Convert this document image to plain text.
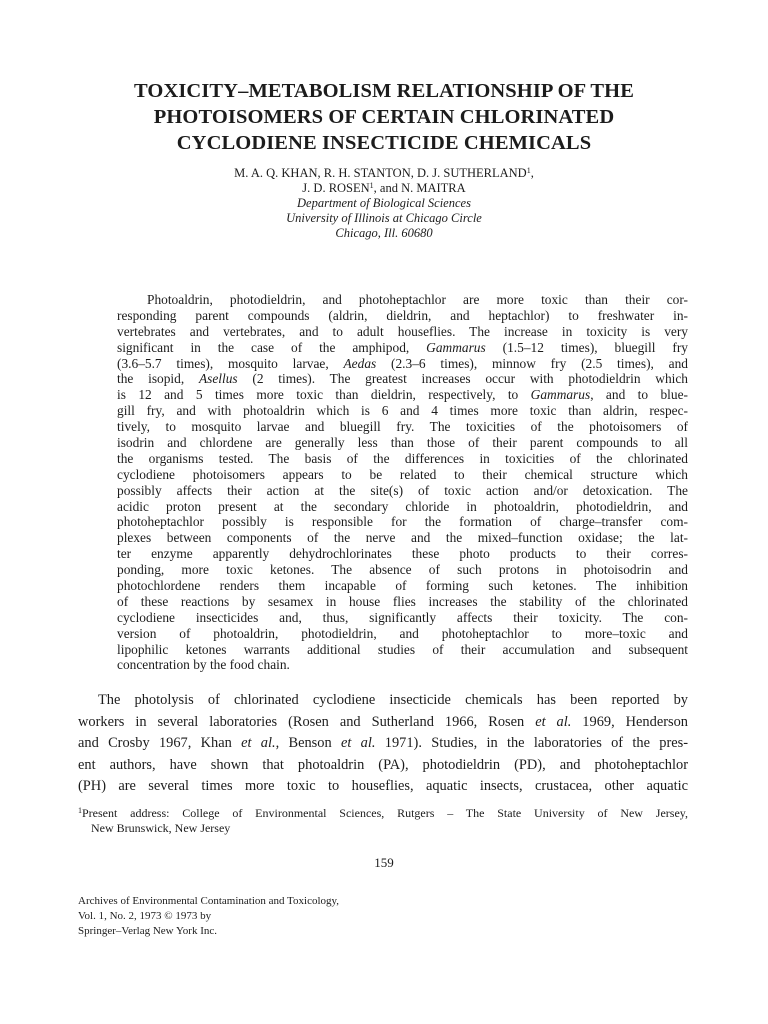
TOXICITY–METABOLISM RELATIONSHIP OF THE
PHOTOISOMERS OF CERTAIN CHLORINATED
CYCLODIENE INSECTICIDE CHEMICALS
M. A. Q. KHAN, R. H. STANTON, D. J. SUTHERLAND$^1$,
J. D. ROSEN$^1$, and N. MAITRA
Department of Biological Sciences
University of Illinois at Chicago Circle
Chicago, Ill. 60680
Photoaldrin, photodieldrin, and photoheptachlor are more toxic than their cor-
responding parent compounds (aldrin, dieldrin, and heptachlor) to freshwater in-
vertebrates and vertebrates, and to adult houseflies. The increase in toxicity is very
significant in the case of the amphipod, Gammarus (1.5–12 times), bluegill fry
(3.6–5.7 times), mosquito larvae, Aedas (2.3–6 times), minnow fry (2.5 times), and
the isopid, Asellus (2 times). The greatest increases occur with photodieldrin which
is 12 and 5 times more toxic than dieldrin, respectively, to Gammarus, and to blue-
gill fry, and with photoaldrin which is 6 and 4 times more toxic than aldrin, respec-
tively, to mosquito larvae and bluegill fry. The toxicities of the photoisomers of
isodrin and chlordene are generally less than those of their parent compounds to all
the organisms tested. The basis of the differences in toxicities of the chlorinated
cyclodiene photoisomers appears to be related to their chemical structure which
possibly affects their action at the site(s) of toxic action and/or detoxication. The
acidic proton present at the secondary chloride in photoaldrin, photodieldrin, and
photoheptachlor possibly is responsible for the formation of charge–transfer com-
plexes between components of the nerve and the mixed–function oxidase; the lat-
ter enzyme apparently dehydrochlorinates these photo products to their corres-
ponding, more toxic ketones. The absence of such protons in photoisodrin and
photochlordene renders them incapable of forming such ketones. The inhibition
of these reactions by sesamex in house flies increases the stability of the chlorinated
cyclodiene insecticides and, thus, significantly affects their toxicity. The con-
version of photoaldrin, photodieldrin, and photoheptachlor to more–toxic and
lipophilic ketones warrants additional studies of their accumulation and subsequent
concentration by the food chain.
The photolysis of chlorinated cyclodiene insecticide chemicals has been reported by
workers in several laboratories (Rosen and Sutherland 1966, Rosen et al. 1969, Henderson
and Crosby 1967, Khan et al., Benson et al. 1971). Studies, in the laboratories of the pres-
ent authors, have shown that photoaldrin (PA), photodieldrin (PD), and photoheptachlor
(PH) are several times more toxic to houseflies, aquatic insects, crustacea, other aquatic
$^1$Present address: College of Environmental Sciences, Rutgers – The State University of New Jersey,
New Brunswick, New Jersey
159
Archives of Environmental Contamination and Toxicology,
Vol. 1, No. 2, 1973 © 1973 by
Springer–Verlag New York Inc.
